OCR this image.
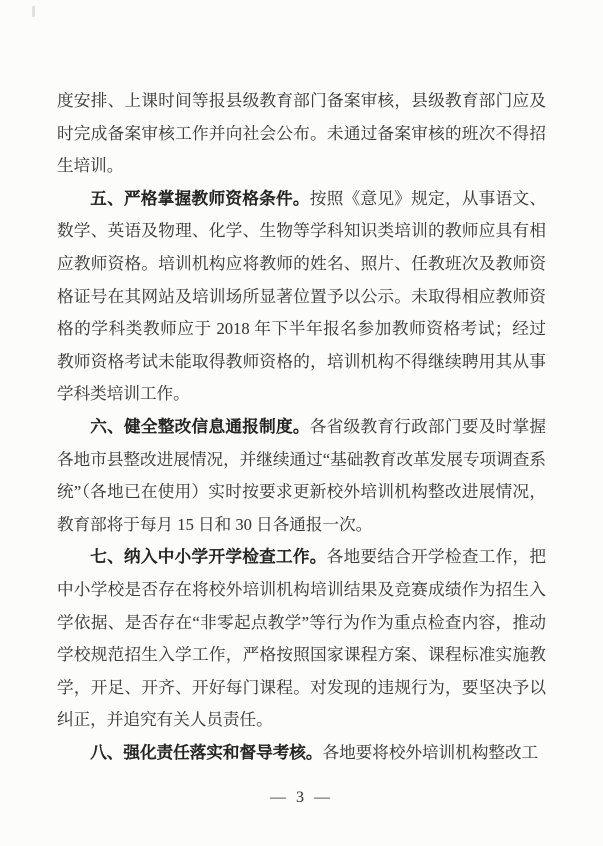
度安排、上课时间等报县级教育部门备案审核，县级教育部门应及时完成备案审核工作并向社会公布。未通过备案审核的班次不得招生培训。

五、严格掌握教师资格条件。按照《意见》规定，从事语文、数学、英语及物理、化学、生物等学科知识类培训的教师应具有相应教师资格。培训机构应将教师的姓名、照片、任教班次及教师资格证号在其网站及培训场所显著位置予以公示。未取得相应教师资格的学科类教师应于 2018 年下半年报名参加教师资格考试；经过教师资格考试未能取得教师资格的，培训机构不得继续聘用其从事学科类培训工作。

六、健全整改信息通报制度。各省级教育行政部门要及时掌握各地市县整改进展情况，并继续通过“基础教育改革发展专项调查系统”（各地已在使用）实时按要求更新校外培训机构整改进展情况，教育部将于每月 15 日和 30 日各通报一次。

七、纳入中小学开学检查工作。各地要结合开学检查工作，把中小学校是否存在将校外培训机构培训结果及竞赛成绩作为招生入学依据、是否存在“非零起点教学”等行为作为重点检查内容，推动学校规范招生入学工作，严格按照国家课程方案、课程标准实施教学，开足、开齐、开好每门课程。对发现的违规行为，要坚决予以纠正，并追究有关人员责任。

八、强化责任落实和督导考核。各地要将校外培训机构整改工

— 3 —
